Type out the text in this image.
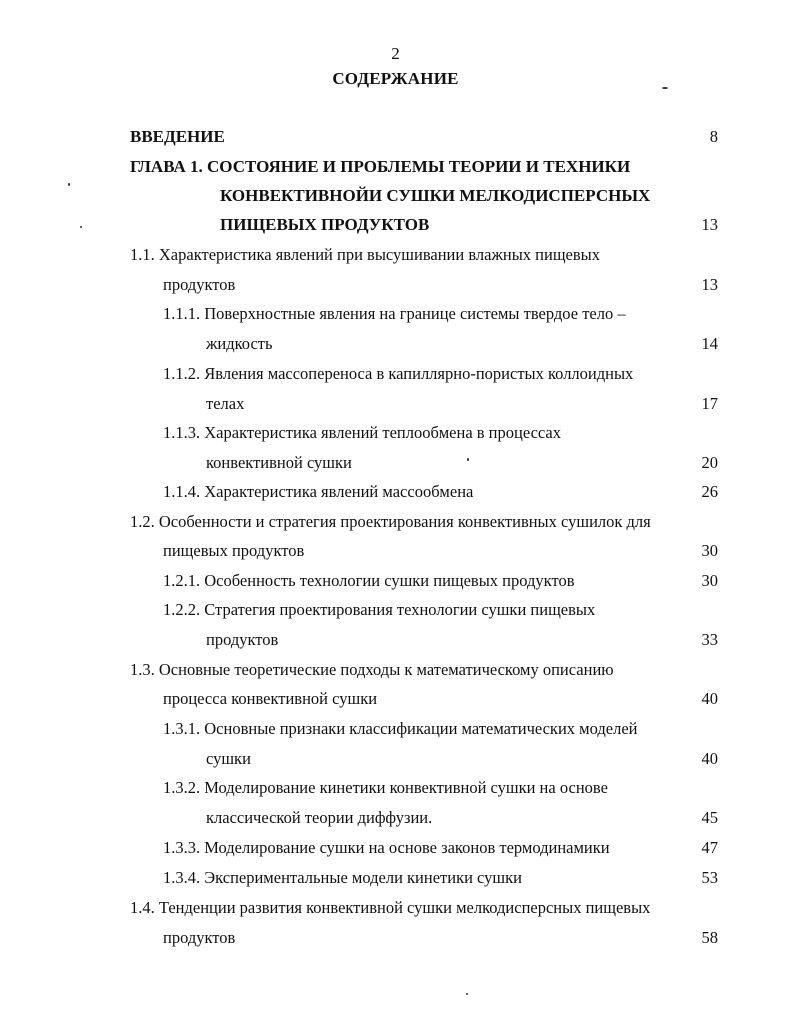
2
СОДЕРЖАНИЕ
ВВЕДЕНИЕ	8
ГЛАВА 1. СОСТОЯНИЕ И ПРОБЛЕМЫ ТЕОРИИ И ТЕХНИКИ
КОНВЕКТИВНОЙИ СУШКИ МЕЛКОДИСПЕРСНЫХ
ПИЩЕВЫХ ПРОДУКТОВ	13
1.1. Характеристика явлений при высушивании влажных пищевых
продуктов	13
1.1.1. Поверхностные явления на границе системы твердое тело –
жидкость	14
1.1.2. Явления массопереноса в капиллярно-пористых коллоидных
телах	17
1.1.3. Характеристика явлений теплообмена в процессах
конвективной сушки	20
1.1.4. Характеристика явлений массообмена	26
1.2. Особенности и стратегия проектирования конвективных сушилок для
пищевых продуктов	30
1.2.1. Особенность технологии сушки пищевых продуктов	30
1.2.2. Стратегия проектирования технологии сушки пищевых
продуктов	33
1.3. Основные теоретические подходы к математическому описанию
процесса конвективной сушки	40
1.3.1. Основные признаки классификации математических моделей
сушки	40
1.3.2. Моделирование кинетики конвективной сушки на основе
классической теории диффузии.	45
1.3.3. Моделирование сушки на основе законов термодинамики	47
1.3.4. Экспериментальные модели кинетики сушки	53
1.4. Тенденции развития конвективной сушки мелкодисперсных пищевых
продуктов	58
